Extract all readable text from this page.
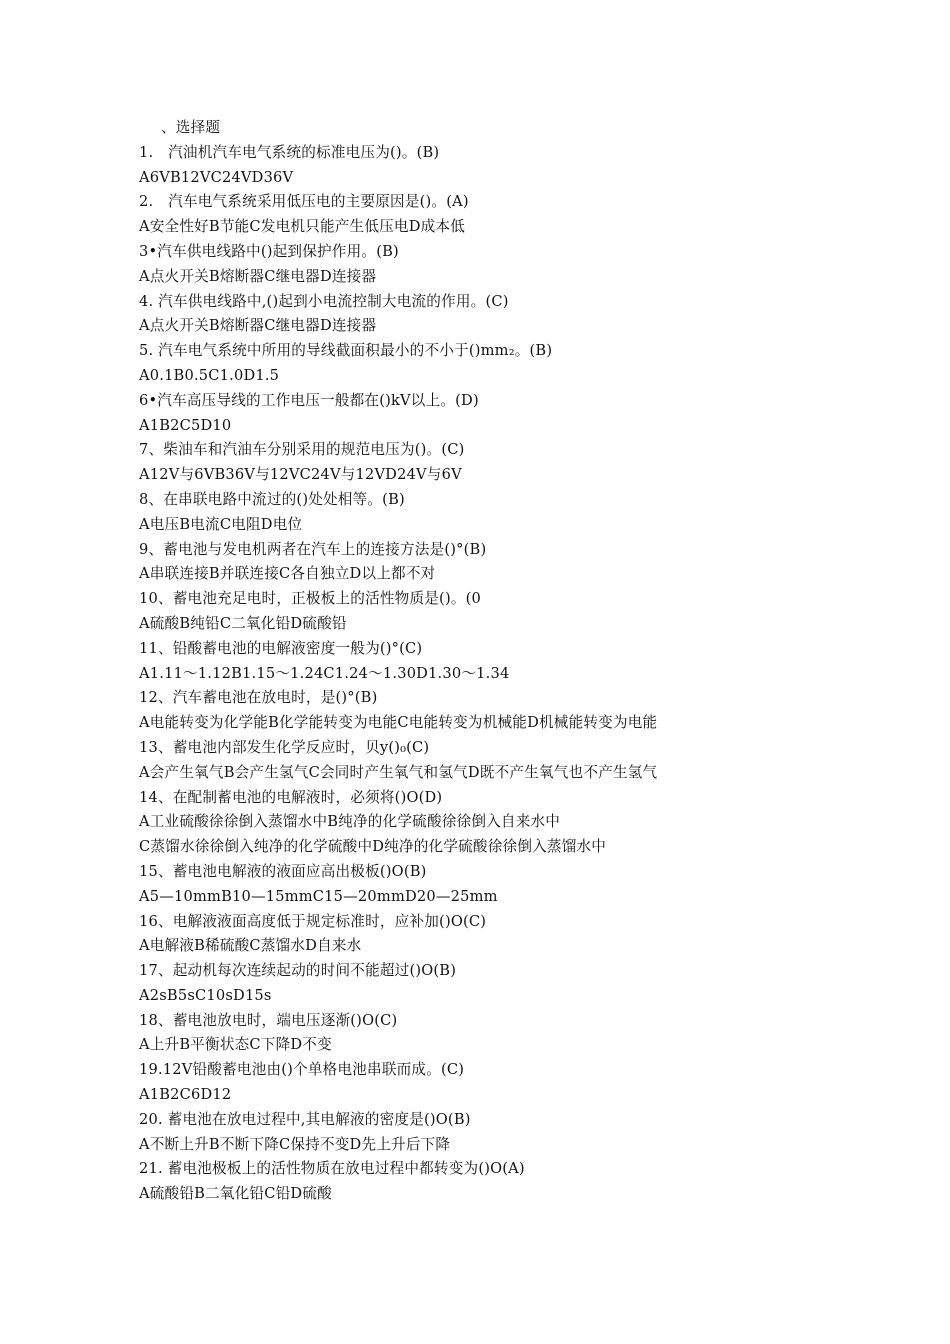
、选择题
1.　汽油机汽车电气系统的标准电压为()。(B)
A6VB12VC24VD36V
2.　汽车电气系统采用低压电的主要原因是()。(A)
A安全性好B节能C发电机只能产生低压电D成本低
3•汽车供电线路中()起到保护作用。(B)
A点火开关B熔断器C继电器D连接器
4. 汽车供电线路中,()起到小电流控制大电流的作用。(C)
A点火开关B熔断器C继电器D连接器
5. 汽车电气系统中所用的导线截面积最小的不小于()mm₂。(B)
A0.1B0.5C1.0D1.5
6•汽车高压导线的工作电压一般都在()kV以上。(D)
A1B2C5D10
7、柴油车和汽油车分别采用的规范电压为()。(C)
A12V与6VB36V与12VC24V与12VD24V与6V
8、在串联电路中流过的()处处相等。(B)
A电压B电流C电阻D电位
9、蓄电池与发电机两者在汽车上的连接方法是()°(B)
A串联连接B并联连接C各自独立D以上都不对
10、蓄电池充足电时，正极板上的活性物质是()。(0
A硫酸B纯铅C二氧化铅D硫酸铅
11、铅酸蓄电池的电解液密度一般为()°(C)
A1.11〜1.12B1.15〜1.24C1.24〜1.30D1.30〜1.34
12、汽车蓄电池在放电时，是()°(B)
A电能转变为化学能B化学能转变为电能C电能转变为机械能D机械能转变为电能
13、蓄电池内部发生化学反应时，贝y()₀(C)
A会产生氧气B会产生氢气C会同时产生氧气和氢气D既不产生氧气也不产生氢气
14、在配制蓄电池的电解液时，必须将()O(D)
A工业硫酸徐徐倒入蒸馏水中B纯净的化学硫酸徐徐倒入自来水中
C蒸馏水徐徐倒入纯净的化学硫酸中D纯净的化学硫酸徐徐倒入蒸馏水中
15、蓄电池电解液的液面应高出极板()O(B)
A5—10mmB10—15mmC15—20mmD20—25mm
16、电解液液面高度低于规定标准时，应补加()O(C)
A电解液B稀硫酸C蒸馏水D自来水
17、起动机每次连续起动的时间不能超过()O(B)
A2sB5sC10sD15s
18、蓄电池放电时，端电压逐渐()O(C)
A上升B平衡状态C下降D不变
19.12V铅酸蓄电池由()个单格电池串联而成。(C)
A1B2C6D12
20. 蓄电池在放电过程中,其电解液的密度是()O(B)
A不断上升B不断下降C保持不变D先上升后下降
21. 蓄电池极板上的活性物质在放电过程中都转变为()O(A)
A硫酸铅B二氧化铅C铅D硫酸
